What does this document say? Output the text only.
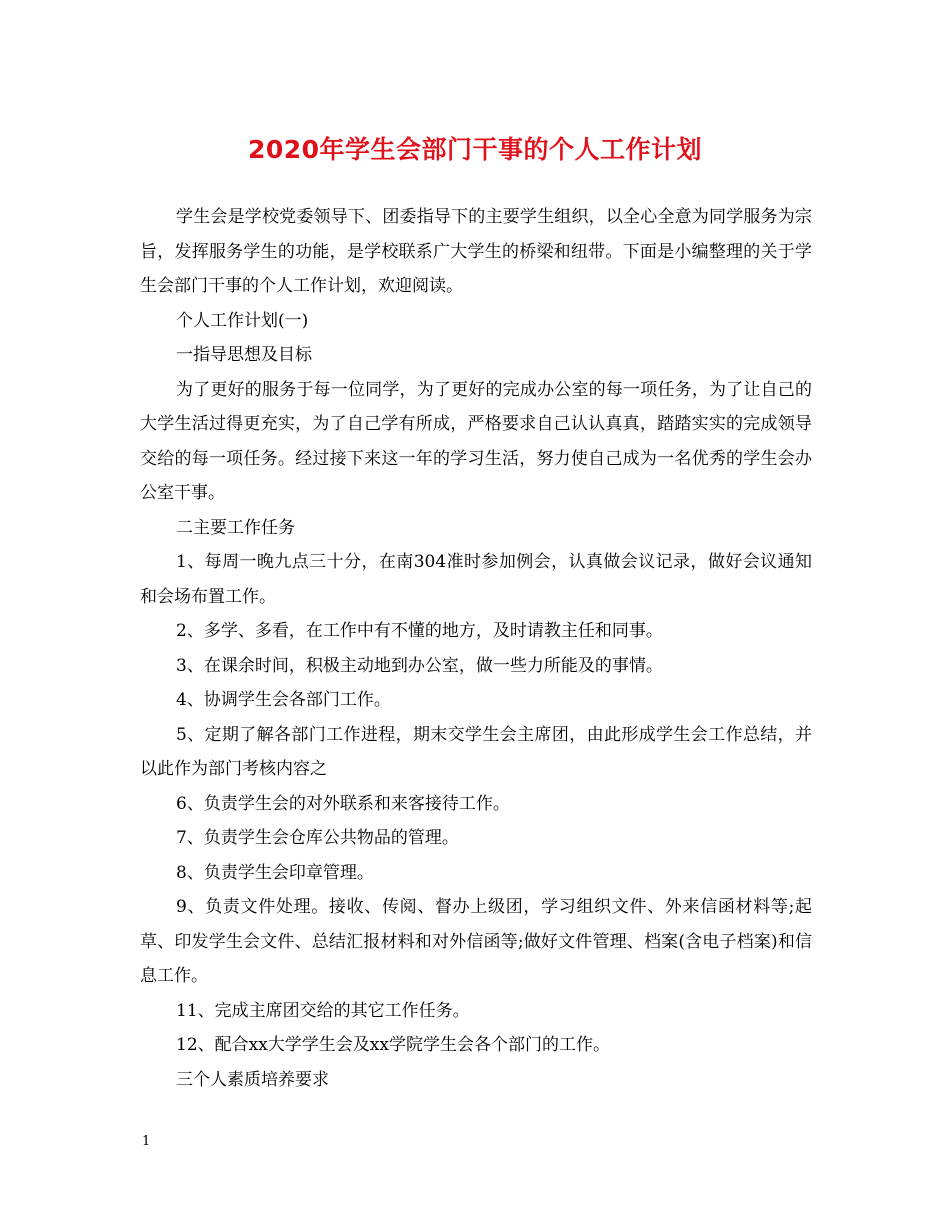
2020年学生会部门干事的个人工作计划

学生会是学校党委领导下、团委指导下的主要学生组织，以全心全意为同学服务为宗旨，发挥服务学生的功能，是学校联系广大学生的桥梁和纽带。下面是小编整理的关于学生会部门干事的个人工作计划，欢迎阅读。

个人工作计划(一)

一指导思想及目标

为了更好的服务于每一位同学，为了更好的完成办公室的每一项任务，为了让自己的大学生活过得更充实，为了自己学有所成，严格要求自己认认真真，踏踏实实的完成领导交给的每一项任务。经过接下来这一年的学习生活，努力使自己成为一名优秀的学生会办公室干事。

二主要工作任务

1、每周一晚九点三十分，在南304准时参加例会，认真做会议记录，做好会议通知和会场布置工作。

2、多学、多看，在工作中有不懂的地方，及时请教主任和同事。

3、在课余时间，积极主动地到办公室，做一些力所能及的事情。

4、协调学生会各部门工作。

5、定期了解各部门工作进程，期末交学生会主席团，由此形成学生会工作总结，并以此作为部门考核内容之

6、负责学生会的对外联系和来客接待工作。

7、负责学生会仓库公共物品的管理。

8、负责学生会印章管理。

9、负责文件处理。接收、传阅、督办上级团，学习组织文件、外来信函材料等;起草、印发学生会文件、总结汇报材料和对外信函等;做好文件管理、档案(含电子档案)和信息工作。

11、完成主席团交给的其它工作任务。

12、配合xx大学学生会及xx学院学生会各个部门的工作。

三个人素质培养要求

1
